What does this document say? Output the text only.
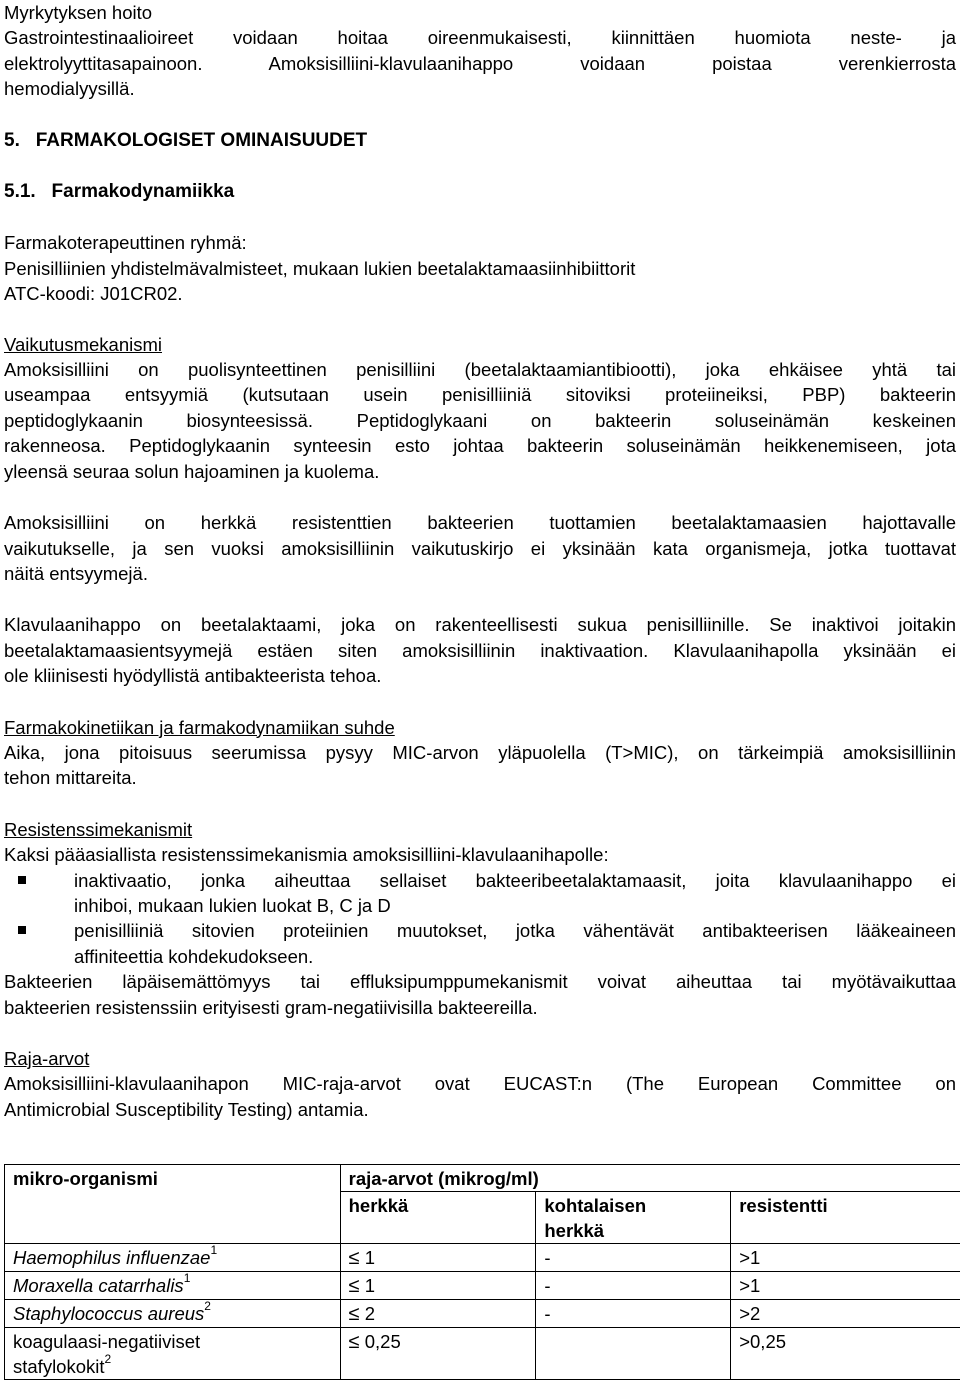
Myrkytyksen hoito

Gastrointestinaalioireet voidaan hoitaa oireenmukaisesti, kiinnittäen huomiota neste- ja

elektrolyyttitasapainoon. Amoksisilliini-klavulaanihappo voidaan poistaa verenkierrosta

hemodialyysillä.

5. FARMAKOLOGISET OMINAISUUDET

5.1. Farmakodynamiikka

Farmakoterapeuttinen ryhmä:

Penisilliinien yhdistelmävalmisteet, mukaan lukien beetalaktamaasiinhibiittorit

ATC-koodi: J01CR02.

Vaikutusmekanismi

Amoksisilliini on puolisynteettinen penisilliini (beetalaktaamiantibiootti), joka ehkäisee yhtä tai

useampaa entsyymiä (kutsutaan usein penisilliiniä sitoviksi proteiineiksi, PBP) bakteerin

peptidoglykaanin biosynteesissä. Peptidoglykaani on bakteerin soluseinämän keskeinen

rakenneosa. Peptidoglykaanin synteesin esto johtaa bakteerin soluseinämän heikkenemiseen, jota

yleensä seuraa solun hajoaminen ja kuolema.

Amoksisilliini on herkkä resistenttien bakteerien tuottamien beetalaktamaasien hajottavalle

vaikutukselle, ja sen vuoksi amoksisilliinin vaikutuskirjo ei yksinään kata organismeja, jotka tuottavat

näitä entsyymejä.

Klavulaanihappo on beetalaktaami, joka on rakenteellisesti sukua penisilliinille. Se inaktivoi joitakin

beetalaktamaasientsyymejä estäen siten amoksisilliinin inaktivaation. Klavulaanihapolla yksinään ei

ole kliinisesti hyödyllistä antibakteerista tehoa.

Farmakokinetiikan ja farmakodynamiikan suhde

Aika, jona pitoisuus seerumissa pysyy MIC-arvon yläpuolella (T>MIC), on tärkeimpiä amoksisilliinin

tehon mittareita.

Resistenssimekanismit

Kaksi pääasiallista resistenssimekanismia amoksisilliini-klavulaanihapolle:

inaktivaatio, jonka aiheuttaa sellaiset bakteeribeetalaktamaasit, joita klavulaanihappo ei
inhiboi, mukaan lukien luokat B, C ja D
penisilliiniä sitovien proteiinien muutokset, jotka vähentävät antibakteerisen lääkeaineen
affiniteettia kohdekudokseen.

Bakteerien läpäisemättömyys tai effluksipumppumekanismit voivat aiheuttaa tai myötävaikuttaa

bakteerien resistenssiin erityisesti gram-negatiivisilla bakteereilla.

Raja-arvot

Amoksisilliini-klavulaanihapon MIC-raja-arvot ovat EUCAST:n (The European Committee on

Antimicrobial Susceptibility Testing) antamia.

mikro-organismi	raja-arvot (mikrog/ml)		
	herkkä	kohtalaisen
herkkä	resistentti
Haemophilus influenzae$^1$	≤ 1	-	>1
Moraxella catarrhalis$^1$	≤ 1	-	>1
Staphylococcus aureus$^2$	≤ 2	-	>2

koagulaasi-negatiiviset
stafylokokit$^2$	≤ 0,25		>0,25
